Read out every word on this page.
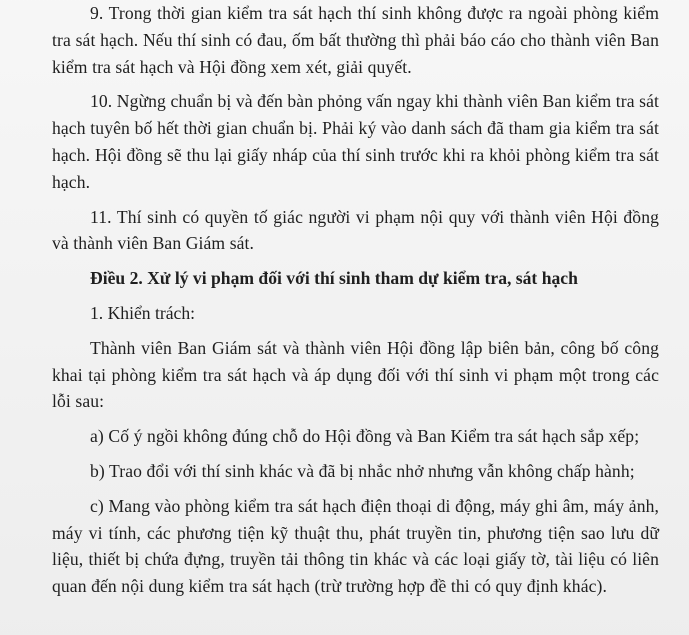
9. Trong thời gian kiểm tra sát hạch thí sinh không được ra ngoài phòng kiểm tra sát hạch. Nếu thí sinh có đau, ốm bất thường thì phải báo cáo cho thành viên Ban kiểm tra sát hạch và Hội đồng xem xét, giải quyết.

10. Ngừng chuẩn bị và đến bàn phỏng vấn ngay khi thành viên Ban kiểm tra sát hạch tuyên bố hết thời gian chuẩn bị. Phải ký vào danh sách đã tham gia kiểm tra sát hạch. Hội đồng sẽ thu lại giấy nháp của thí sinh trước khi ra khỏi phòng kiểm tra sát hạch.

11. Thí sinh có quyền tố giác người vi phạm nội quy với thành viên Hội đồng và thành viên Ban Giám sát.

Điều 2. Xử lý vi phạm đối với thí sinh tham dự kiểm tra, sát hạch

1. Khiển trách:

Thành viên Ban Giám sát và thành viên Hội đồng lập biên bản, công bố công khai tại phòng kiểm tra sát hạch và áp dụng đối với thí sinh vi phạm một trong các lỗi sau:

a) Cố ý ngồi không đúng chỗ do Hội đồng và Ban Kiểm tra sát hạch sắp xếp;

b) Trao đổi với thí sinh khác và đã bị nhắc nhở nhưng vẫn không chấp hành;

c) Mang vào phòng kiểm tra sát hạch điện thoại di động, máy ghi âm, máy ảnh, máy vi tính, các phương tiện kỹ thuật thu, phát truyền tin, phương tiện sao lưu dữ liệu, thiết bị chứa đựng, truyền tải thông tin khác và các loại giấy tờ, tài liệu có liên quan đến nội dung kiểm tra sát hạch (trừ trường hợp đề thi có quy định khác).
